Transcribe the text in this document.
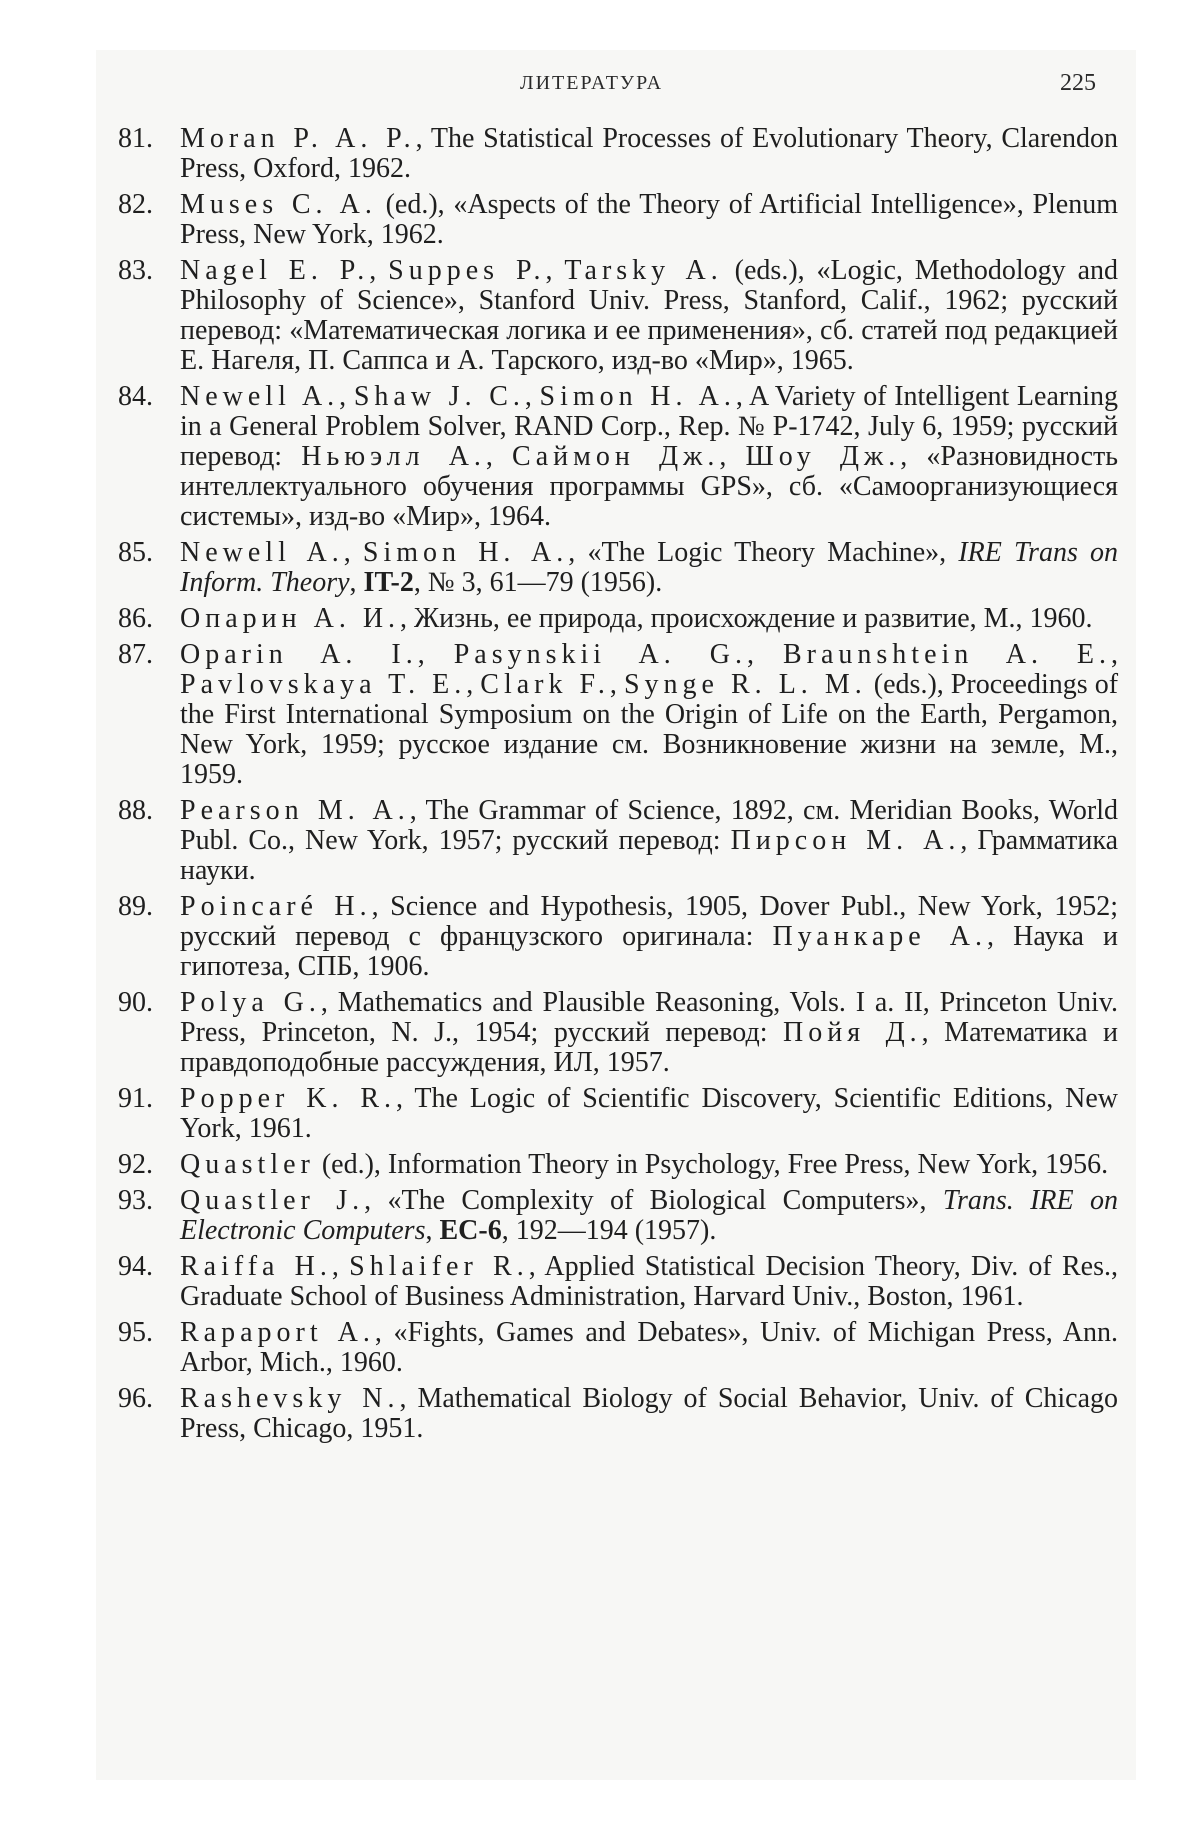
ЛИТЕРАТУРА	225
81. Moran P. A. P., The Statistical Processes of Evolutionary Theory, Clarendon Press, Oxford, 1962.
82. Muses C. A. (ed.), «Aspects of the Theory of Artificial Intelligence», Plenum Press, New York, 1962.
83. Nagel E. P., Suppes P., Tarsky A. (eds.), «Logic, Methodology and Philosophy of Science», Stanford Univ. Press, Stanford, Calif., 1962; русский перевод: «Математическая логика и ее применения», сб. статей под редакцией Е. Нагеля, П. Саппса и А. Тарского, изд-во «Мир», 1965.
84. Newell A., Shaw J. C., Simon H. A., A Variety of Intelligent Learning in a General Problem Solver, RAND Corp., Rep. № P-1742, July 6, 1959; русский перевод: Ньюэлл А., Саймон Дж., Шоу Дж., «Разновидность интеллектуального обучения программы GPS», сб. «Самоорганизующиеся системы», изд-во «Мир», 1964.
85. Newell A., Simon H. A., «The Logic Theory Machine», IRE Trans on Inform. Theory, IT-2, № 3, 61—79 (1956).
86. Опарин А. И., Жизнь, ее природа, происхождение и развитие, М., 1960.
87. Oparin A. I., Pasynskii A. G., Braunshtein A. E., Pavlovskaya T. E., Clark F., Synge R. L. M. (eds.), Proceedings of the First International Symposium on the Origin of Life on the Earth, Pergamon, New York, 1959; русское издание см. Возникновение жизни на земле, М., 1959.
88. Pearson M. A., The Grammar of Science, 1892, см. Meridian Books, World Publ. Co., New York, 1957; русский перевод: Пирсон М. А., Грамматика науки.
89. Poincaré H., Science and Hypothesis, 1905, Dover Publ., New York, 1952; русский перевод с французского оригинала: Пуанкаре А., Наука и гипотеза, СПБ, 1906.
90. Polya G., Mathematics and Plausible Reasoning, Vols. I a. II, Princeton Univ. Press, Princeton, N. J., 1954; русский перевод: Пойя Д., Математика и правдоподобные рассуждения, ИЛ, 1957.
91. Popper K. R., The Logic of Scientific Discovery, Scientific Editions, New York, 1961.
92. Quastler (ed.), Information Theory in Psychology, Free Press, New York, 1956.
93. Quastler J., «The Complexity of Biological Computers», Trans. IRE on Electronic Computers, EC-6, 192—194 (1957).
94. Raiffa H., Shlaifer R., Applied Statistical Decision Theory, Div. of Res., Graduate School of Business Administration, Harvard Univ., Boston, 1961.
95. Rapaport A., «Fights, Games and Debates», Univ. of Michigan Press, Ann. Arbor, Mich., 1960.
96. Rashevsky N., Mathematical Biology of Social Behavior, Univ. of Chicago Press, Chicago, 1951.
